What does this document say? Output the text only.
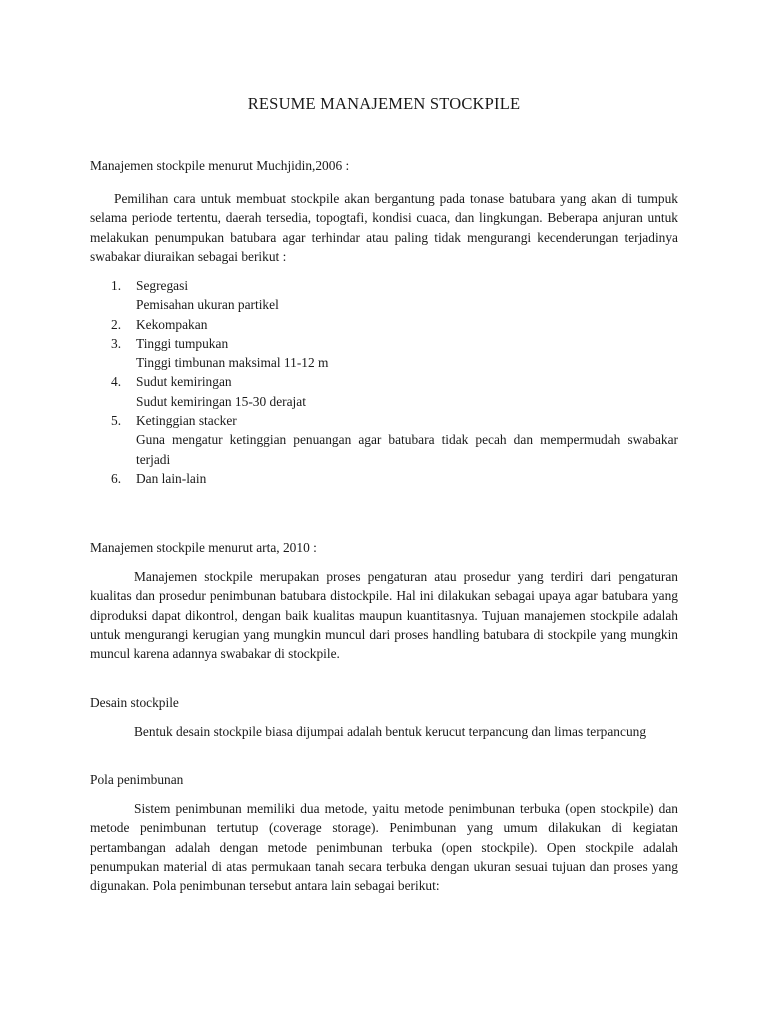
RESUME MANAJEMEN STOCKPILE

Manajemen stockpile menurut Muchjidin,2006 :

Pemilihan cara untuk membuat stockpile akan bergantung pada tonase batubara yang akan di tumpuk selama periode tertentu, daerah tersedia, topogtafi, kondisi cuaca, dan lingkungan. Beberapa anjuran untuk melakukan penumpukan batubara agar terhindar atau paling tidak mengurangi kecenderungan terjadinya swabakar diuraikan sebagai berikut :

1. Segregasi
Pemisahan ukuran partikel
2. Kekompakan
3. Tinggi tumpukan
Tinggi timbunan maksimal 11-12 m
4. Sudut kemiringan
Sudut kemiringan 15-30 derajat
5. Ketinggian stacker
Guna mengatur ketinggian penuangan agar batubara tidak pecah dan mempermudah swabakar terjadi
6. Dan lain-lain

Manajemen stockpile menurut arta, 2010 :

Manajemen stockpile merupakan proses pengaturan atau prosedur yang terdiri dari pengaturan kualitas dan prosedur penimbunan batubara distockpile. Hal ini dilakukan sebagai upaya agar batubara yang diproduksi dapat dikontrol, dengan baik kualitas maupun kuantitasnya. Tujuan manajemen stockpile adalah untuk mengurangi kerugian yang mungkin muncul dari proses handling batubara di stockpile yang mungkin muncul karena adannya swabakar di stockpile.

Desain stockpile

Bentuk desain stockpile biasa dijumpai adalah bentuk kerucut terpancung dan limas terpancung

Pola penimbunan

Sistem penimbunan memiliki dua metode, yaitu metode penimbunan terbuka (open stockpile) dan metode penimbunan tertutup (coverage storage). Penimbunan yang umum dilakukan di kegiatan pertambangan adalah dengan metode penimbunan terbuka (open stockpile). Open stockpile adalah penumpukan material di atas permukaan tanah secara terbuka dengan ukuran sesuai tujuan dan proses yang digunakan. Pola penimbunan tersebut antara lain sebagai berikut:
